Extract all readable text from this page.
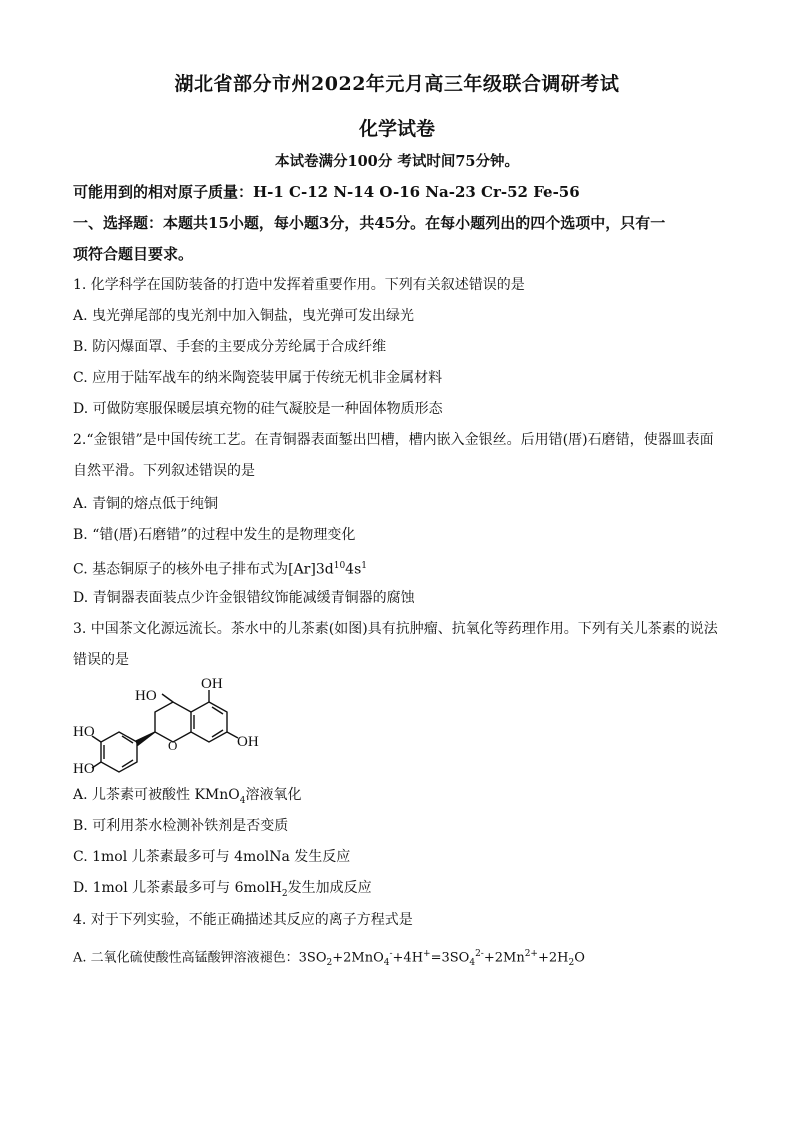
湖北省部分市州2022年元月高三年级联合调研考试
化学试卷
本试卷满分100分 考试时间75分钟。
可能用到的相对原子质量：H-1 C-12 N-14 O-16 Na-23 Cr-52 Fe-56
一、选择题：本题共15小题，每小题3分，共45分。在每小题列出的四个选项中，只有一
项符合题目要求。
1. 化学科学在国防装备的打造中发挥着重要作用。下列有关叙述错误的是
A. 曳光弹尾部的曳光剂中加入铜盐，曳光弹可发出绿光
B. 防闪爆面罩、手套的主要成分芳纶属于合成纤维
C. 应用于陆军战车的纳米陶瓷装甲属于传统无机非金属材料
D. 可做防寒服保暖层填充物的硅气凝胶是一种固体物质形态
2.“金银错”是中国传统工艺。在青铜器表面錾出凹槽，槽内嵌入金银丝。后用错(厝)石磨错，使器皿表面
自然平滑。下列叙述错误的是
A. 青铜的熔点低于纯铜
B. “错(厝)石磨错”的过程中发生的是物理变化
C. 基态铜原子的核外电子排布式为$[Ar]3d^{10}4s^1$
D. 青铜器表面装点少许金银错纹饰能减缓青铜器的腐蚀
3. 中国茶文化源远流长。茶水中的儿茶素(如图)具有抗肿瘤、抗氧化等药理作用。下列有关儿茶素的说法
错误的是
OH
HO
OH
O
HO
HO
A. 儿茶素可被酸性 KMnO$_4$溶液氧化
B. 可利用茶水检测补铁剂是否变质
C. 1mol 儿茶素最多可与 4molNa 发生反应
D. 1mol 儿茶素最多可与 6molH$_2$发生加成反应
4. 对于下列实验，不能正确描述其反应的离子方程式是
A. 二氧化硫使酸性高锰酸钾溶液褪色：$3SO_2+2MnO_4^-+4H^+=3SO_4^{2-}+2Mn^{2+}+2H_2O$
